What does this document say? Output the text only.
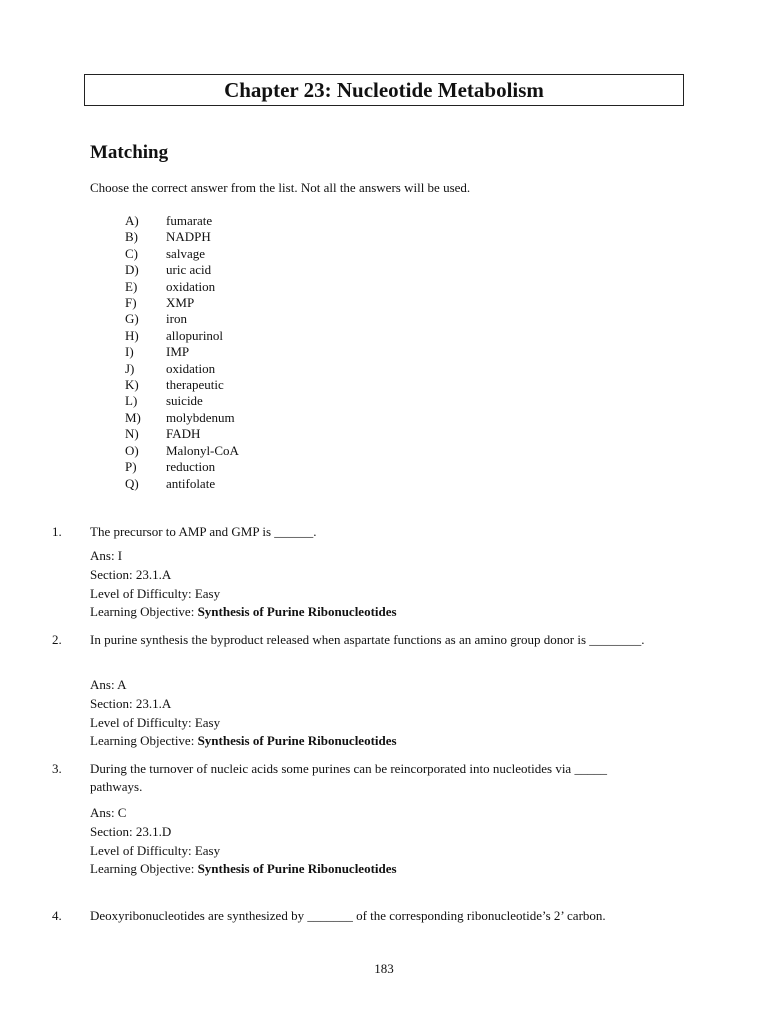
Chapter 23: Nucleotide Metabolism
Matching
Choose the correct answer from the list. Not all the answers will be used.
A)	fumarate
B)	NADPH
C)	salvage
D)	uric acid
E)	oxidation
F)	XMP
G)	iron
H)	allopurinol
I)	IMP
J)	oxidation
K)	therapeutic
L)	suicide
M)	molybdenum
N)	FADH
O)	Malonyl-CoA
P)	reduction
Q)	antifolate
1. The precursor to AMP and GMP is ______.
Ans: I
Section: 23.1.A
Level of Difficulty: Easy
Learning Objective: Synthesis of Purine Ribonucleotides
2. In purine synthesis the byproduct released when aspartate functions as an amino group donor is ________.
Ans: A
Section: 23.1.A
Level of Difficulty: Easy
Learning Objective: Synthesis of Purine Ribonucleotides
3. During the turnover of nucleic acids some purines can be reincorporated into nucleotides via _____ pathways.
Ans: C
Section: 23.1.D
Level of Difficulty: Easy
Learning Objective: Synthesis of Purine Ribonucleotides
4. Deoxyribonucleotides are synthesized by _______ of the corresponding ribonucleotide’s 2’ carbon.
183
